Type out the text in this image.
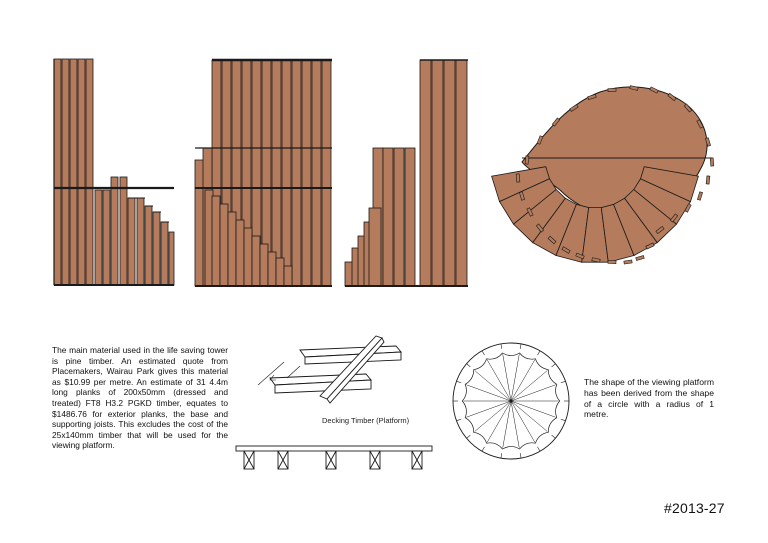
The main material used in the life saving tower is pine timber. An estimated quote from Placemakers, Wairau Park gives this material as $10.99 per metre. An estimate of 31 4.4m long planks of 200x50mm (dressed and treated) FT8 H3.2 PGKD timber, equates to $1486.76 for exterior planks, the base and supporting joists. This excludes the cost of the 25x140mm timber that will be used for the viewing platform.
The shape of the viewing platform has been derived from the shape of a circle with a radius of 1 metre.
Decking Timber (Platform)
#2013-27
